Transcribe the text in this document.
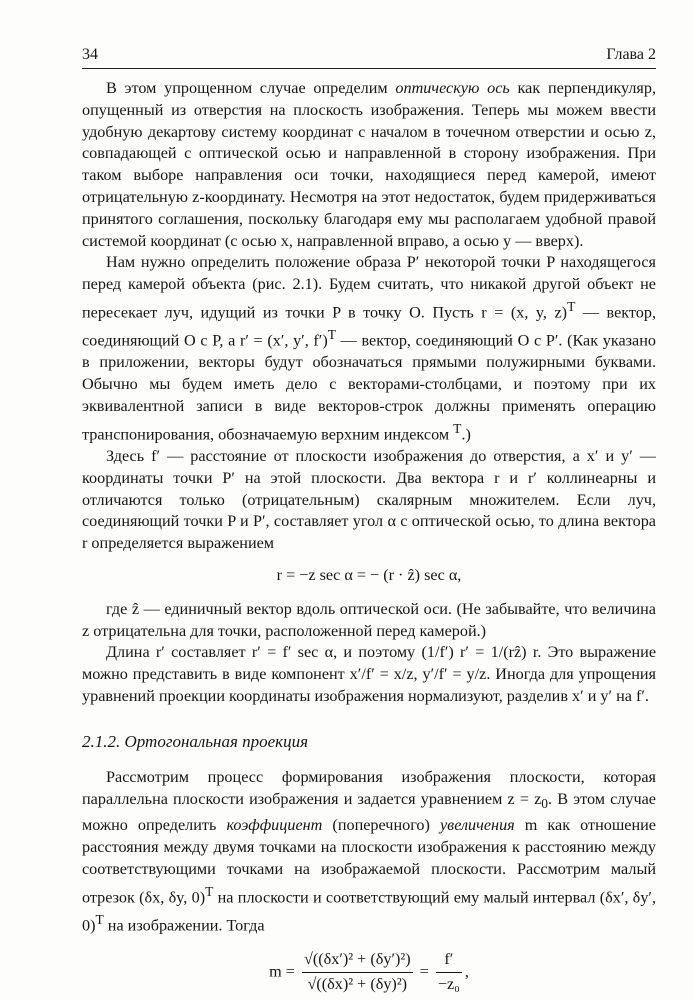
34	Глава 2

В этом упрощенном случае определим оптическую ось как перпендикуляр, опущенный из отверстия на плоскость изображения. Теперь мы можем ввести удобную декартову систему координат с началом в точечном отверстии и осью z, совпадающей с оптической осью и направленной в сторону изображения. При таком выборе направления оси точки, находящиеся перед камерой, имеют отрицательную z-координату. Несмотря на этот недостаток, будем придерживаться принятого соглашения, поскольку благодаря ему мы располагаем удобной правой системой координат (с осью x, направленной вправо, а осью y — вверх).

Нам нужно определить положение образа P′ некоторой точки P находящегося перед камерой объекта (рис. 2.1). Будем считать, что никакой другой объект не пересекает луч, идущий из точки P в точку O. Пусть r = (x, y, z)$^T$ — вектор, соединяющий O с P, а r′ = (x′, y′, f′)$^T$ — вектор, соединяющий O с P′. (Как указано в приложении, векторы будут обозначаться прямыми полужирными буквами. Обычно мы будем иметь дело с векторами-столбцами, и поэтому при их эквивалентной записи в виде векторов-строк должны применять операцию транспонирования, обозначаемую верхним индексом $^T$.)

Здесь f′ — расстояние от плоскости изображения до отверстия, а x′ и y′ — координаты точки P′ на этой плоскости. Два вектора r и r′ коллинеарны и отличаются только (отрицательным) скалярным множителем. Если луч, соединяющий точки P и P′, составляет угол α с оптической осью, то длина вектора r определяется выражением

r = −z sec α = − (r · ẑ) sec α,

где ẑ — единичный вектор вдоль оптической оси. (Не забывайте, что величина z отрицательна для точки, расположенной перед камерой.)

Длина r′ составляет r′ = f′ sec α, и поэтому (1/f′) r′ = 1/(rẑ) r. Это выражение можно представить в виде компонент x′/f′ = x/z, y′/f′ = y/z. Иногда для упрощения уравнений проекции координаты изображения нормализуют, разделив x′ и y′ на f′.

2.1.2. Ортогональная проекция

Рассмотрим процесс формирования изображения плоскости, которая параллельна плоскости изображения и задается уравнением $z = z_0$. В этом случае можно определить коэффициент (поперечного) увеличения m как отношение расстояния между двумя точками на плоскости изображения к расстоянию между соответствующими точками на изображаемой плоскости. Рассмотрим малый отрезок (δx, δy, 0)$^T$ на плоскости и соответствующий ему малый интервал (δx′, δy′, 0)$^T$ на изображении. Тогда

$m = \frac{\text{√((δx′)² + (δy′)²)}}{\text{√((δx)² + (δy)²)}} = \frac{f'}{\text{−z₀}}$ ,
